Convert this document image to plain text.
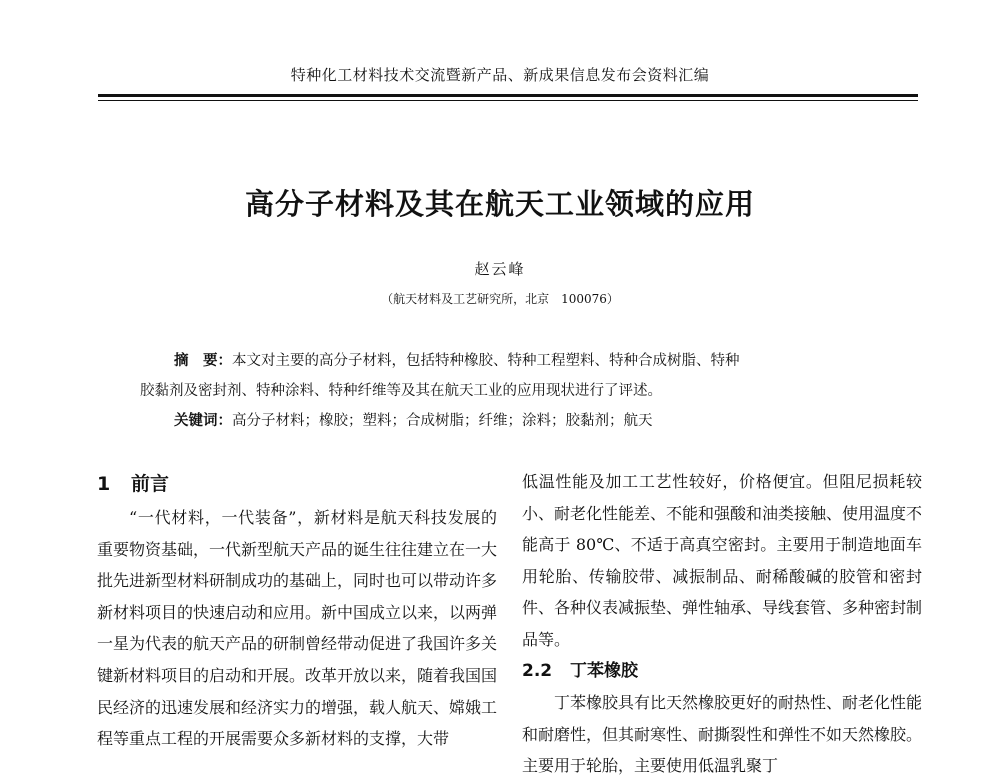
特种化工材料技术交流暨新产品、新成果信息发布会资料汇编
高分子材料及其在航天工业领域的应用
赵云峰
（航天材料及工艺研究所，北京　100076）

摘　要：本文对主要的高分子材料，包括特种橡胶、特种工程塑料、特种合成树脂、特种

胶黏剂及密封剂、特种涂料、特种纤维等及其在航天工业的应用现状进行了评述。

关键词：高分子材料；橡胶；塑料；合成树脂；纤维；涂料；胶黏剂；航天

1 前言

“一代材料，一代装备”，新材料是航天科技发展的重要物资基础，一代新型航天产品的诞生往往建立在一大批先进新型材料研制成功的基础上，同时也可以带动许多新材料项目的快速启动和应用。新中国成立以来，以两弹一星为代表的航天产品的研制曾经带动促进了我国许多关键新材料项目的启动和开展。改革开放以来，随着我国国民经济的迅速发展和经济实力的增强，载人航天、嫦娥工程等重点工程的开展需要众多新材料的支撑，大带

低温性能及加工工艺性较好，价格便宜。但阻尼损耗较小、耐老化性能差、不能和强酸和油类接触、使用温度不能高于 80℃、不适于高真空密封。主要用于制造地面车用轮胎、传输胶带、减振制品、耐稀酸碱的胶管和密封件、各种仪表减振垫、弹性轴承、导线套管、多种密封制品等。

2.2 丁苯橡胶

丁苯橡胶具有比天然橡胶更好的耐热性、耐老化性能和耐磨性，但其耐寒性、耐撕裂性和弹性不如天然橡胶。主要用于轮胎，主要使用低温乳聚丁
